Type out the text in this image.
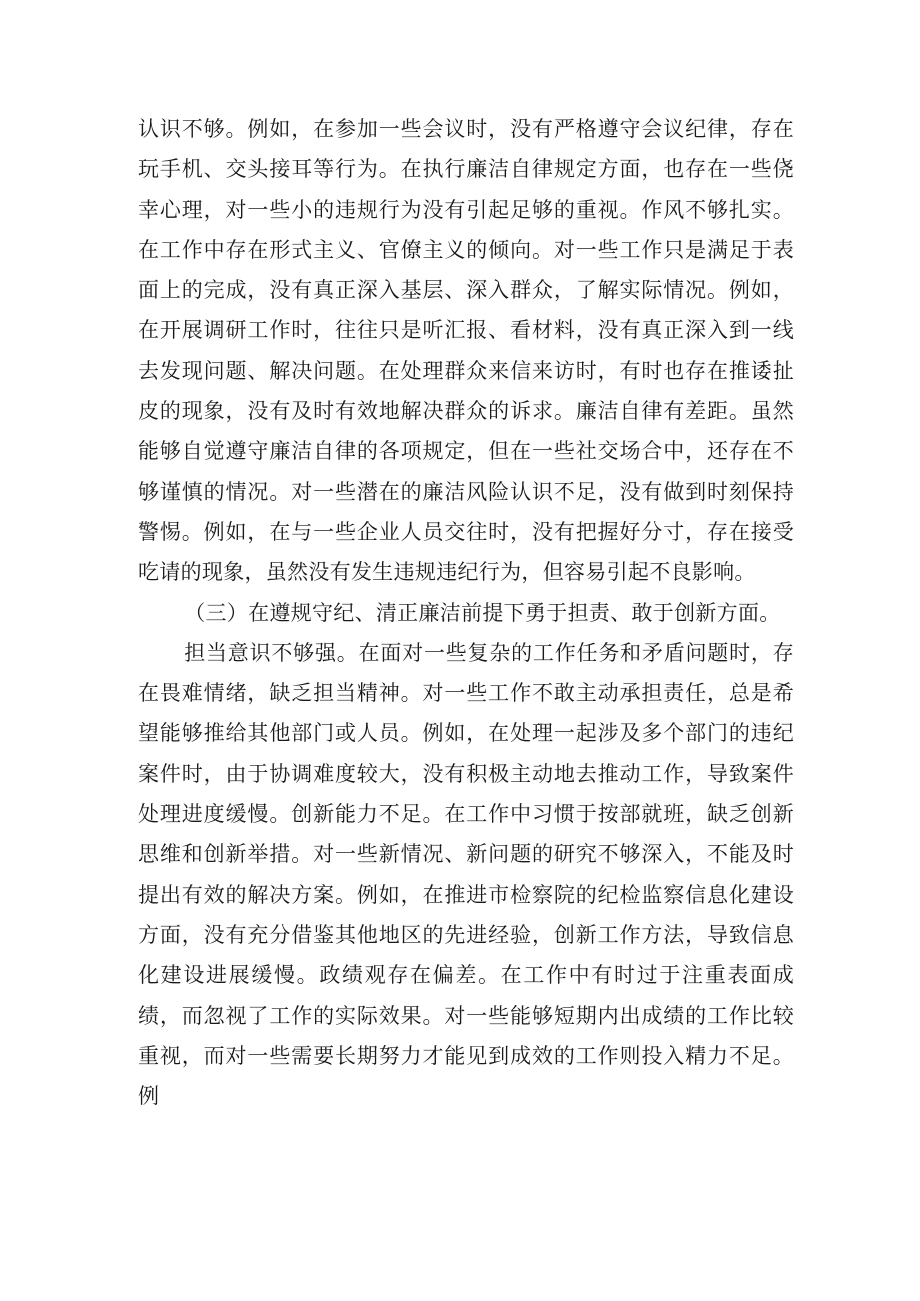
认识不够。例如，在参加一些会议时，没有严格遵守会议纪律，存在玩手机、交头接耳等行为。在执行廉洁自律规定方面，也存在一些侥幸心理，对一些小的违规行为没有引起足够的重视。作风不够扎实。在工作中存在形式主义、官僚主义的倾向。对一些工作只是满足于表面上的完成，没有真正深入基层、深入群众，了解实际情况。例如，在开展调研工作时，往往只是听汇报、看材料，没有真正深入到一线去发现问题、解决问题。在处理群众来信来访时，有时也存在推诿扯皮的现象，没有及时有效地解决群众的诉求。廉洁自律有差距。虽然能够自觉遵守廉洁自律的各项规定，但在一些社交场合中，还存在不够谨慎的情况。对一些潜在的廉洁风险认识不足，没有做到时刻保持警惕。例如，在与一些企业人员交往时，没有把握好分寸，存在接受吃请的现象，虽然没有发生违规违纪行为，但容易引起不良影响。

（三）在遵规守纪、清正廉洁前提下勇于担责、敢于创新方面。

担当意识不够强。在面对一些复杂的工作任务和矛盾问题时，存在畏难情绪，缺乏担当精神。对一些工作不敢主动承担责任，总是希望能够推给其他部门或人员。例如，在处理一起涉及多个部门的违纪案件时，由于协调难度较大，没有积极主动地去推动工作，导致案件处理进度缓慢。创新能力不足。在工作中习惯于按部就班，缺乏创新思维和创新举措。对一些新情况、新问题的研究不够深入，不能及时提出有效的解决方案。例如，在推进市检察院的纪检监察信息化建设方面，没有充分借鉴其他地区的先进经验，创新工作方法，导致信息化建设进展缓慢。政绩观存在偏差。在工作中有时过于注重表面成绩，而忽视了工作的实际效果。对一些能够短期内出成绩的工作比较重视，而对一些需要长期努力才能见到成效的工作则投入精力不足。例
